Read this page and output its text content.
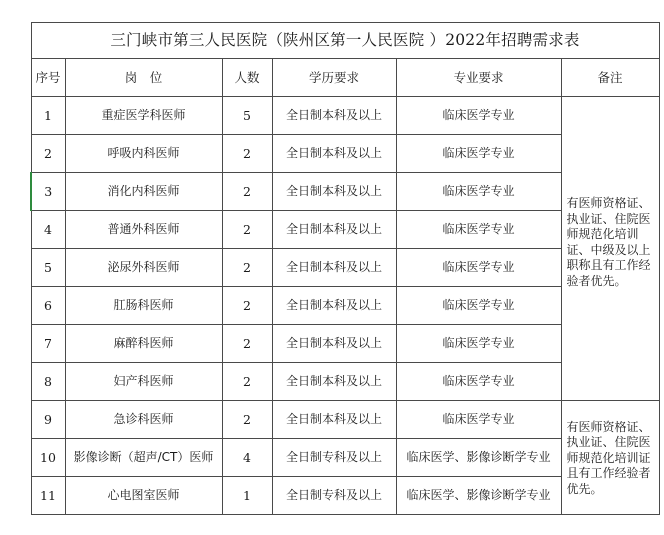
三门峡市第三人民医院（陕州区第一人民医院 ）2022年招聘需求表					
序号	岗　位	人数	学历要求	专业要求	备注
1	重症医学科医师	5	全日制本科及以上	临床医学专业	有医师资格证、执业证、住院医师规范化培训证、中级及以上职称且有工作经验者优先。

2	呼吸内科医师	2	全日制本科及以上	临床医学专业	
3	消化内科医师	2	全日制本科及以上	临床医学专业	
4	普通外科医师	2	全日制本科及以上	临床医学专业	
5	泌尿外科医师	2	全日制本科及以上	临床医学专业	
6	肛肠科医师	2	全日制本科及以上	临床医学专业	
7	麻醉科医师	2	全日制本科及以上	临床医学专业	
8	妇产科医师	2	全日制本科及以上	临床医学专业	
9	急诊科医师	2	全日制本科及以上	临床医学专业	有医师资格证、执业证、住院医师规范化培训证且有工作经验者优先。

10	影像诊断（超声/CT）医师	4	全日制专科及以上	临床医学、影像诊断学专业	
11	心电图室医师	1	全日制专科及以上	临床医学、影像诊断学专业	
